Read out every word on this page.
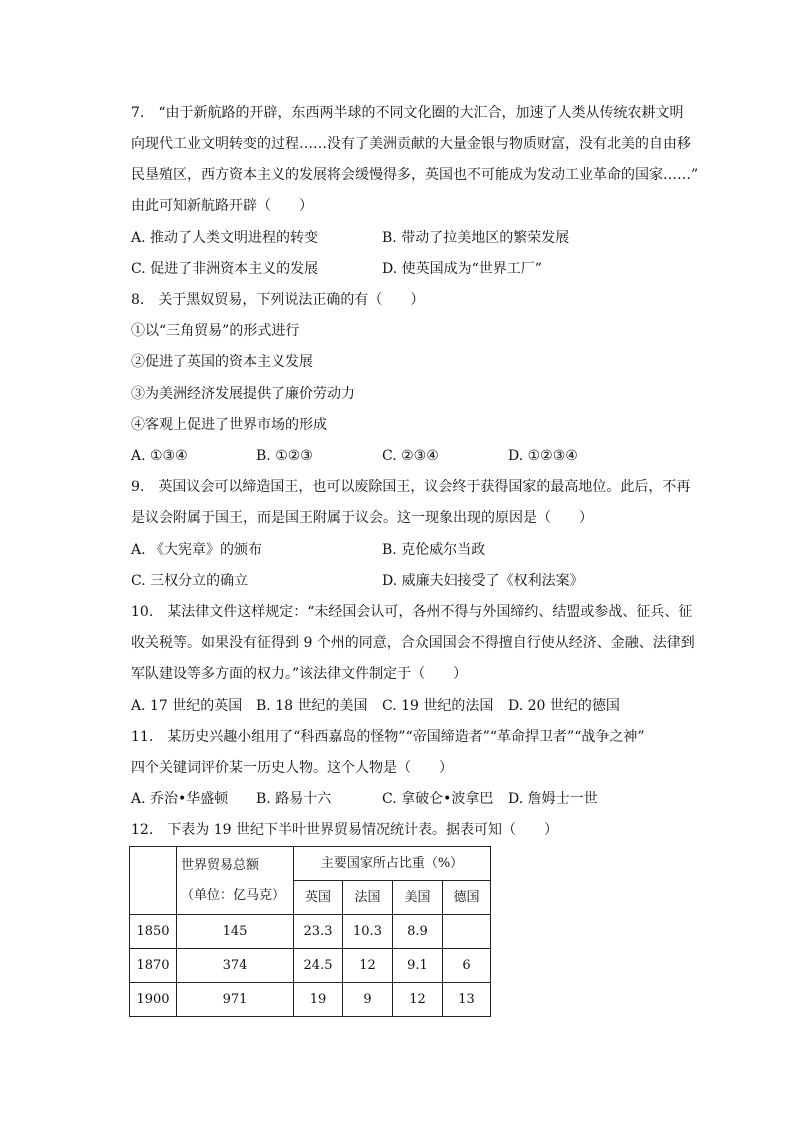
7.　“由于新航路的开辟，东西两半球的不同文化圈的大汇合，加速了人类从传统农耕文明
向现代工业文明转变的过程……没有了美洲贡献的大量金银与物质财富，没有北美的自由移
民垦殖区，西方资本主义的发展将会缓慢得多，英国也不可能成为发动工业革命的国家……”
由此可知新航路开辟（　　）
A. 推动了人类文明进程的转变	B. 带动了拉美地区的繁荣发展
C. 促进了非洲资本主义的发展	D. 使英国成为“世界工厂”
8.　关于黑奴贸易，下列说法正确的有（　　）
①以“三角贸易”的形式进行
②促进了英国的资本主义发展
③为美洲经济发展提供了廉价劳动力
④客观上促进了世界市场的形成
A. ①③④	B. ①②③	C. ②③④	D. ①②③④
9.　英国议会可以缔造国王，也可以废除国王，议会终于获得国家的最高地位。此后，不再
是议会附属于国王，而是国王附属于议会。这一现象出现的原因是（　　）
A. 《大宪章》的颁布	B. 克伦威尔当政
C. 三权分立的确立	D. 威廉夫妇接受了《权利法案》
10.　某法律文件这样规定：“未经国会认可，各州不得与外国缔约、结盟或参战、征兵、征
收关税等。如果没有征得到 9 个州的同意，合众国国会不得擅自行使从经济、金融、法律到
军队建设等多方面的权力。”该法律文件制定于（　　）
A. 17 世纪的英国 B. 18 世纪的美国 C. 19 世纪的法国 D. 20 世纪的德国
11.　某历史兴趣小组用了“科西嘉岛的怪物”“帝国缔造者”“革命捍卫者”“战争之神”
四个关键词评价某一历史人物。这个人物是（　　）
A. 乔治•华盛顿 B. 路易十六	C. 拿破仑•波拿巴 D. 詹姆士一世
12.　下表为 19 世纪下半叶世界贸易情况统计表。据表可知（　　）

	世界贸易总额
（单位：亿马克）	主要国家所占比重（%）			
		英国	法国	美国	德国
1850	145	23.3	10.3	8.9	
1870	374	24.5	12	9.1	6
1900	971	19	9	12	13
